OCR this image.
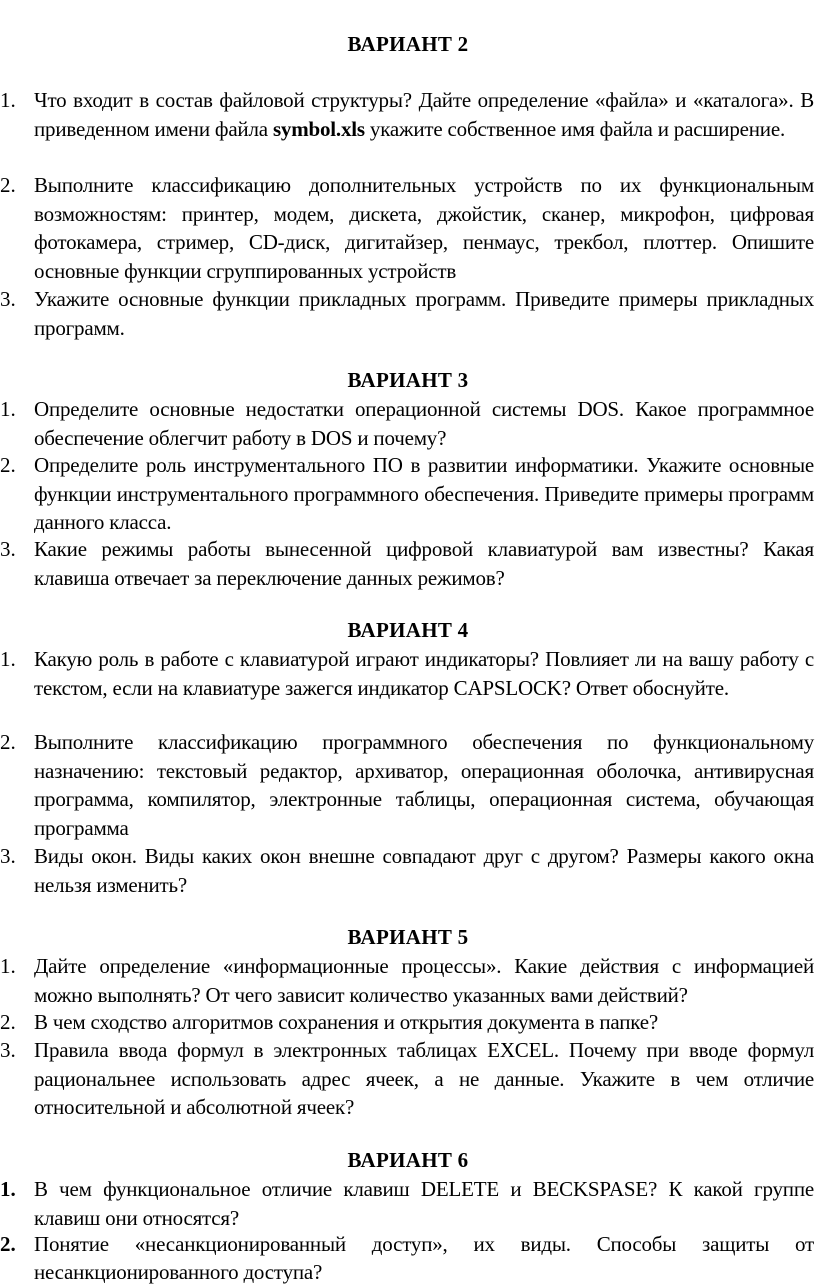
ВАРИАНТ 2
1. Что входит в состав файловой структуры? Дайте определение «файла» и «каталога». В приведенном имени файла symbol.xls укажите собственное имя файла и расширение.
2. Выполните классификацию дополнительных устройств по их функциональным возможностям: принтер, модем, дискета, джойстик, сканер, микрофон, цифровая фотокамера, стример, CD-диск, дигитайзер, пенмаус, трекбол, плоттер. Опишите основные функции сгруппированных устройств
3. Укажите основные функции прикладных программ. Приведите примеры прикладных программ.
ВАРИАНТ 3
1. Определите основные недостатки операционной системы DOS. Какое программное обеспечение облегчит работу в DOS и почему?
2. Определите роль инструментального ПО в развитии информатики. Укажите основные функции инструментального программного обеспечения. Приведите примеры программ данного класса.
3. Какие режимы работы вынесенной цифровой клавиатурой вам известны? Какая клавиша отвечает за переключение данных режимов?
ВАРИАНТ 4
1. Какую роль в работе с клавиатурой играют индикаторы? Повлияет ли на вашу работу с текстом, если на клавиатуре зажегся индикатор CAPSLOCK? Ответ обоснуйте.
2. Выполните классификацию программного обеспечения по функциональному назначению: текстовый редактор, архиватор, операционная оболочка, антивирусная программа, компилятор, электронные таблицы, операционная система, обучающая программа
3. Виды окон. Виды каких окон внешне совпадают друг с другом? Размеры какого окна нельзя изменить?
ВАРИАНТ 5
1. Дайте определение «информационные процессы». Какие действия с информацией можно выполнять? От чего зависит количество указанных вами действий?
2. В чем сходство алгоритмов сохранения и открытия документа в папке?
3. Правила ввода формул в электронных таблицах EXCEL. Почему при вводе формул рациональнее использовать адрес ячеек, а не данные. Укажите в чем отличие относительной и абсолютной ячеек?
ВАРИАНТ 6
1. В чем функциональное отличие клавиш DELETE и BECKSPASE? К какой группе клавиш они относятся?
2. Понятие «несанкционированный доступ», их виды. Способы защиты от несанкционированного доступа?
